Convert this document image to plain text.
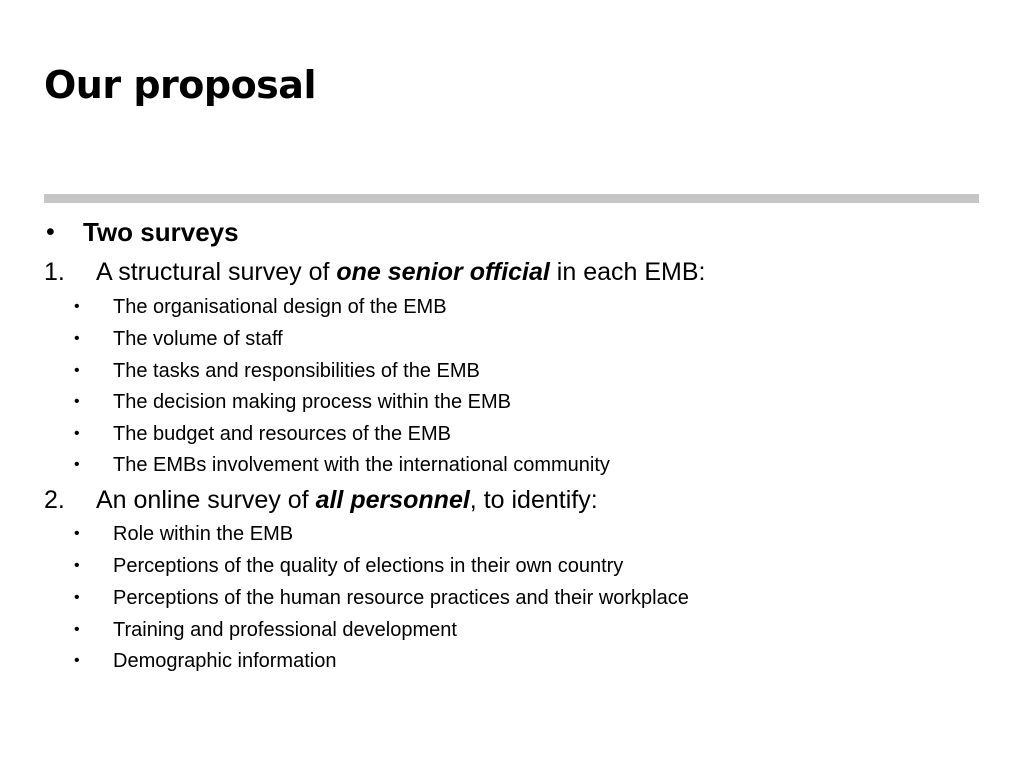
Our proposal
• Two surveys
1. A structural survey of one senior official in each EMB:
• The organisational design of the EMB
• The volume of staff
• The tasks and responsibilities of the EMB
• The decision making process within the EMB
• The budget and resources of the EMB
• The EMBs involvement with the international community
2. An online survey of all personnel, to identify:
• Role within the EMB
• Perceptions of the quality of elections in their own country
• Perceptions of the human resource practices and their workplace
• Training and professional development
• Demographic information
